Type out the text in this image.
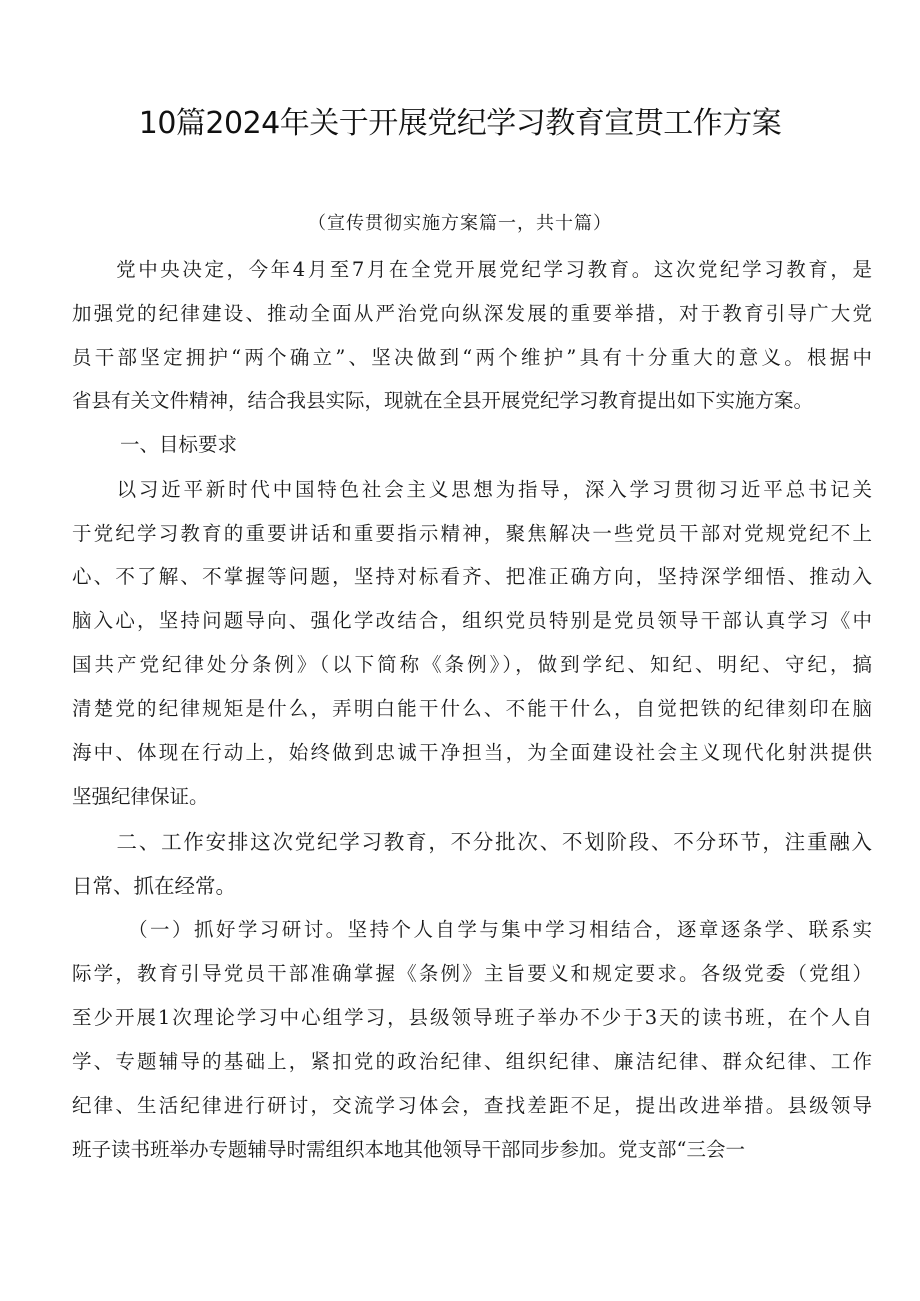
10篇2024年关于开展党纪学习教育宣贯工作方案
（宣传贯彻实施方案篇一，共十篇）
　　党中央决定，今年4月至7月在全党开展党纪学习教育。这次党纪学习教育，是
加强党的纪律建设、推动全面从严治党向纵深发展的重要举措，对于教育引导广大党
员干部坚定拥护“两个确立”、坚决做到“两个维护”具有十分重大的意义。根据中
省县有关文件精神，结合我县实际，现就在全县开展党纪学习教育提出如下实施方案。
一、目标要求
　　以习近平新时代中国特色社会主义思想为指导，深入学习贯彻习近平总书记关
于党纪学习教育的重要讲话和重要指示精神，聚焦解决一些党员干部对党规党纪不上
心、不了解、不掌握等问题，坚持对标看齐、把准正确方向，坚持深学细悟、推动入
脑入心，坚持问题导向、强化学改结合，组织党员特别是党员领导干部认真学习《中
国共产党纪律处分条例》（以下简称《条例》），做到学纪、知纪、明纪、守纪，搞
清楚党的纪律规矩是什么，弄明白能干什么、不能干什么，自觉把铁的纪律刻印在脑
海中、体现在行动上，始终做到忠诚干净担当，为全面建设社会主义现代化射洪提供
坚强纪律保证。
　　二、工作安排这次党纪学习教育，不分批次、不划阶段、不分环节，注重融入
日常、抓在经常。
　　　（一）抓好学习研讨。坚持个人自学与集中学习相结合，逐章逐条学、联系实
际学，教育引导党员干部准确掌握《条例》主旨要义和规定要求。各级党委（党组）
至少开展1次理论学习中心组学习，县级领导班子举办不少于3天的读书班，在个人自
学、专题辅导的基础上，紧扣党的政治纪律、组织纪律、廉洁纪律、群众纪律、工作
纪律、生活纪律进行研讨，交流学习体会，查找差距不足，提出改进举措。县级领导
班子读书班举办专题辅导时需组织本地其他领导干部同步参加。党支部“三会一
